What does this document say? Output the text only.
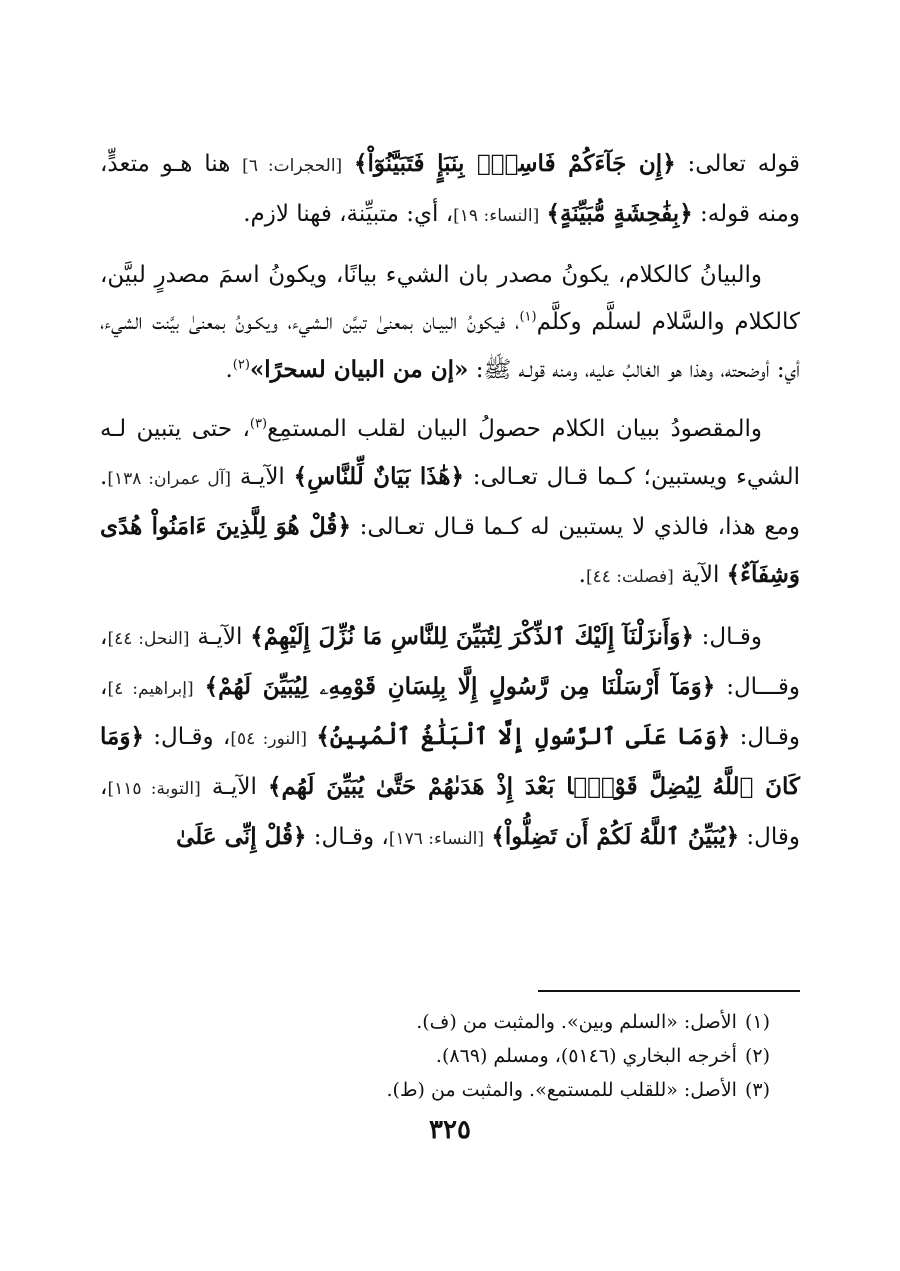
قوله تعالى: ﴿إِن جَآءَكُمْ فَاسِقُۢ بِنَبَإٍ فَتَبَيَّنُوٓاْ﴾ [الحجرات: ٦] هنا هـو متعدٍّ، ومنه قوله: ﴿بِفَٰحِشَةٍ مُّبَيِّنَةٍ﴾ [النساء: ١٩]، أي: متبيِّنة، فهنا لازم.

والبيانُ كالكلام، يكونُ مصدر بان الشيء بيانًا، ويكونُ اسمَ مصدرٍ لبيَّن، كالكلام والسَّلام لسلَّم وكلَّم$^{(١)}$، فيكونُ البيـان بمعنىٰ تبيَّن الـشيء، ويكـونُ بمعنىٰ بيَّنت الشيء، أي: أوضحته، وهذا هو الغالبُ عليه، ومنه قولـه ﷺ: «إن من البيان لسحرًا»$^{(٢)}$.

والمقصودُ ببيان الكلام حصولُ البيان لقلب المستمِع$^{(٣)}$، حتى يتبين لـه الشيء ويستبين؛ كـما قـال تعـالى: ﴿هَٰذَا بَيَانٌ لِّلنَّاسِ﴾ الآيـة [آل عمران: ١٣٨]. ومع هذا، فالذي لا يستبين له كـما قـال تعـالى: ﴿قُلْ هُوَ لِلَّذِينَ ءَامَنُواْ هُدًى وَشِفَآءٌ﴾ الآية [فصلت: ٤٤].

وقـال: ﴿وَأَنزَلْنَآ إِلَيْكَ ٱلذِّكْرَ لِتُبَيِّنَ لِلنَّاسِ مَا نُزِّلَ إِلَيْهِمْ﴾ الآيـة [النحل: ٤٤]، وقـــال: ﴿وَمَآ أَرْسَلْنَا مِن رَّسُولٍ إِلَّا بِلِسَانِ قَوْمِهِۦ لِيُبَيِّنَ لَهُمْ﴾ [إبراهيم: ٤]، وقـال: ﴿وَمَا عَلَى ٱلرَّسُولِ إِلَّا ٱلْبَلَٰغُ ٱلْمُبِينُ﴾ [النور: ٥٤]، وقـال: ﴿وَمَا كَانَ ٱللَّهُ لِيُضِلَّ قَوْمًۢا بَعْدَ إِذْ هَدَىٰهُمْ حَتَّىٰ يُبَيِّنَ لَهُم﴾ الآيـة [التوبة: ١١٥]، وقال: ﴿يُبَيِّنُ ٱللَّهُ لَكُمْ أَن تَضِلُّواْ﴾ [النساء: ١٧٦]، وقـال: ﴿قُلْ إِنِّى عَلَىٰ

(١)الأصل: «السلم وبين». والمثبت من (ف).

(٢)أخرجه البخاري (٥١٤٦)، ومسلم (٨٦٩).

(٣)الأصل: «للقلب للمستمع». والمثبت من (ط).

٣٢٥
